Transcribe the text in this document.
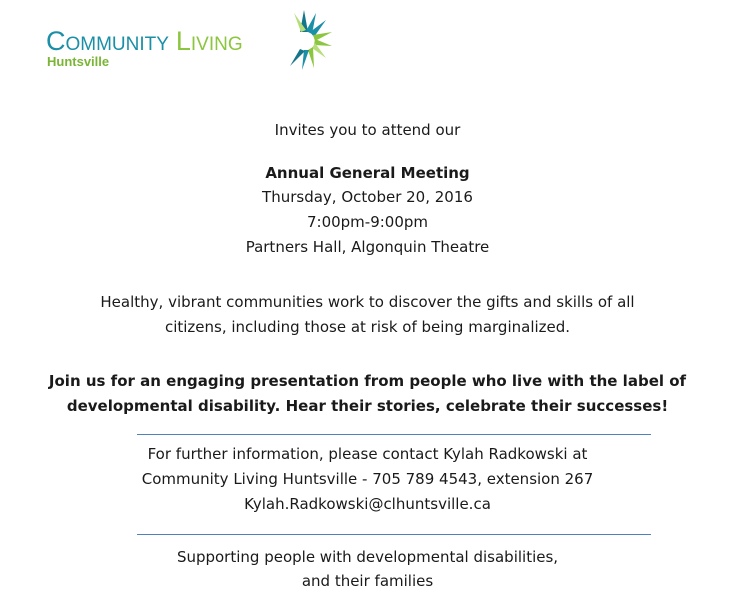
Community Living
Huntsville
Invites you to attend our
Annual General Meeting
Thursday, October 20, 2016
7:00pm-9:00pm
Partners Hall, Algonquin Theatre
Healthy, vibrant communities work to discover the gifts and skills of all
citizens, including those at risk of being marginalized.
Join us for an engaging presentation from people who live with the label of
developmental disability. Hear their stories, celebrate their successes!
For further information, please contact Kylah Radkowski at
Community Living Huntsville - 705 789 4543, extension 267
Kylah.Radkowski@clhuntsville.ca
Supporting people with developmental disabilities,
and their families
